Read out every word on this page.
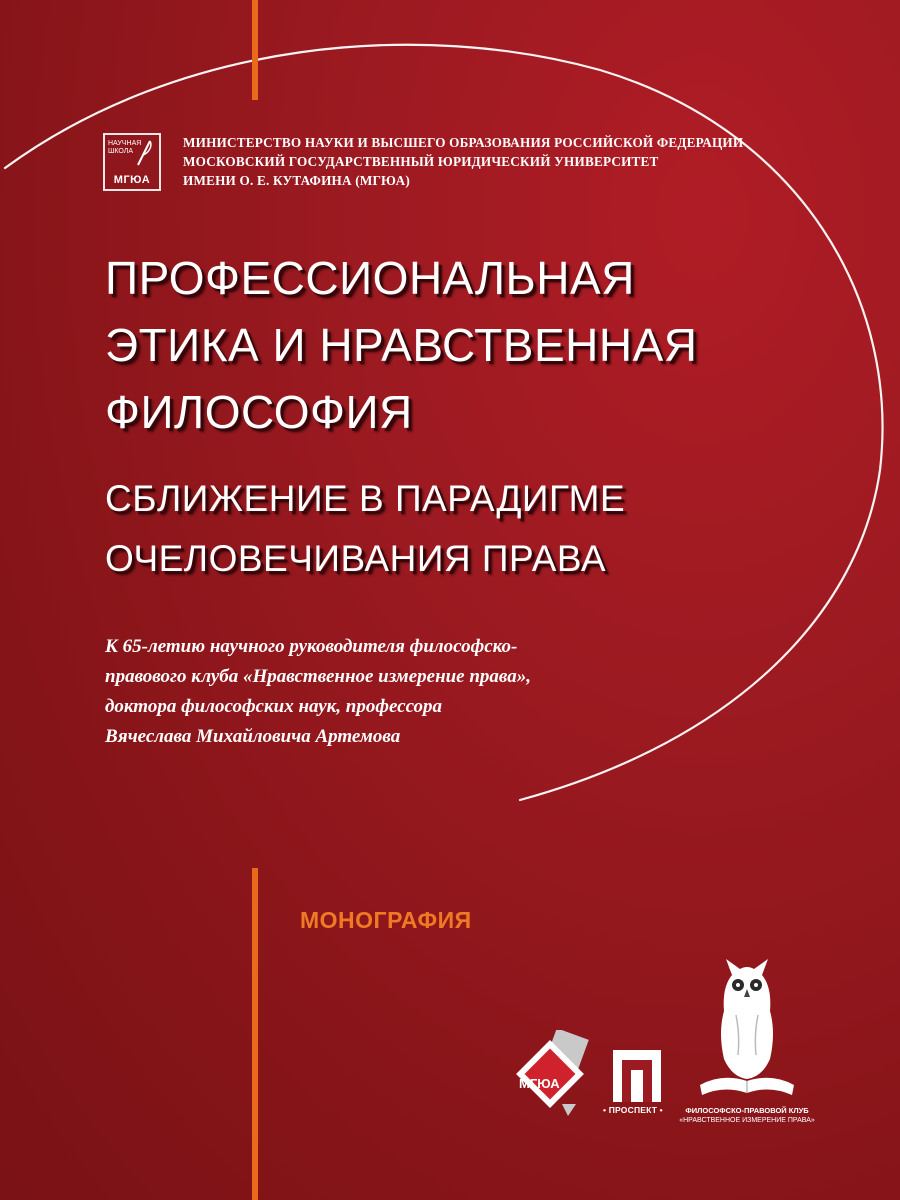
НАУЧНАЯ ШКОЛА
МГЮА
МИНИСТЕРСТВО НАУКИ И ВЫСШЕГО ОБРАЗОВАНИЯ РОССИЙСКОЙ ФЕДЕРАЦИИ
МОСКОВСКИЙ ГОСУДАРСТВЕННЫЙ ЮРИДИЧЕСКИЙ УНИВЕРСИТЕТ
ИМЕНИ О. Е. КУТАФИНА (МГЮА)
ПРОФЕССИОНАЛЬНАЯ
ЭТИКА И НРАВСТВЕННАЯ
ФИЛОСОФИЯ
СБЛИЖЕНИЕ В ПАРАДИГМЕ
ОЧЕЛОВЕЧИВАНИЯ ПРАВА

К 65-летию научного руководителя философско-
правового клуба «Нравственное измерение права»,
доктора философских наук, профессора
Вячеслава Михайловича Артемова

МОНОГРАФИЯ
МГЮА
• ПРОСПЕКТ •	ФИЛОСОФСКО-ПРАВОВОЙ КЛУБ
«НРАВСТВЕННОЕ ИЗМЕРЕНИЕ ПРАВА»
